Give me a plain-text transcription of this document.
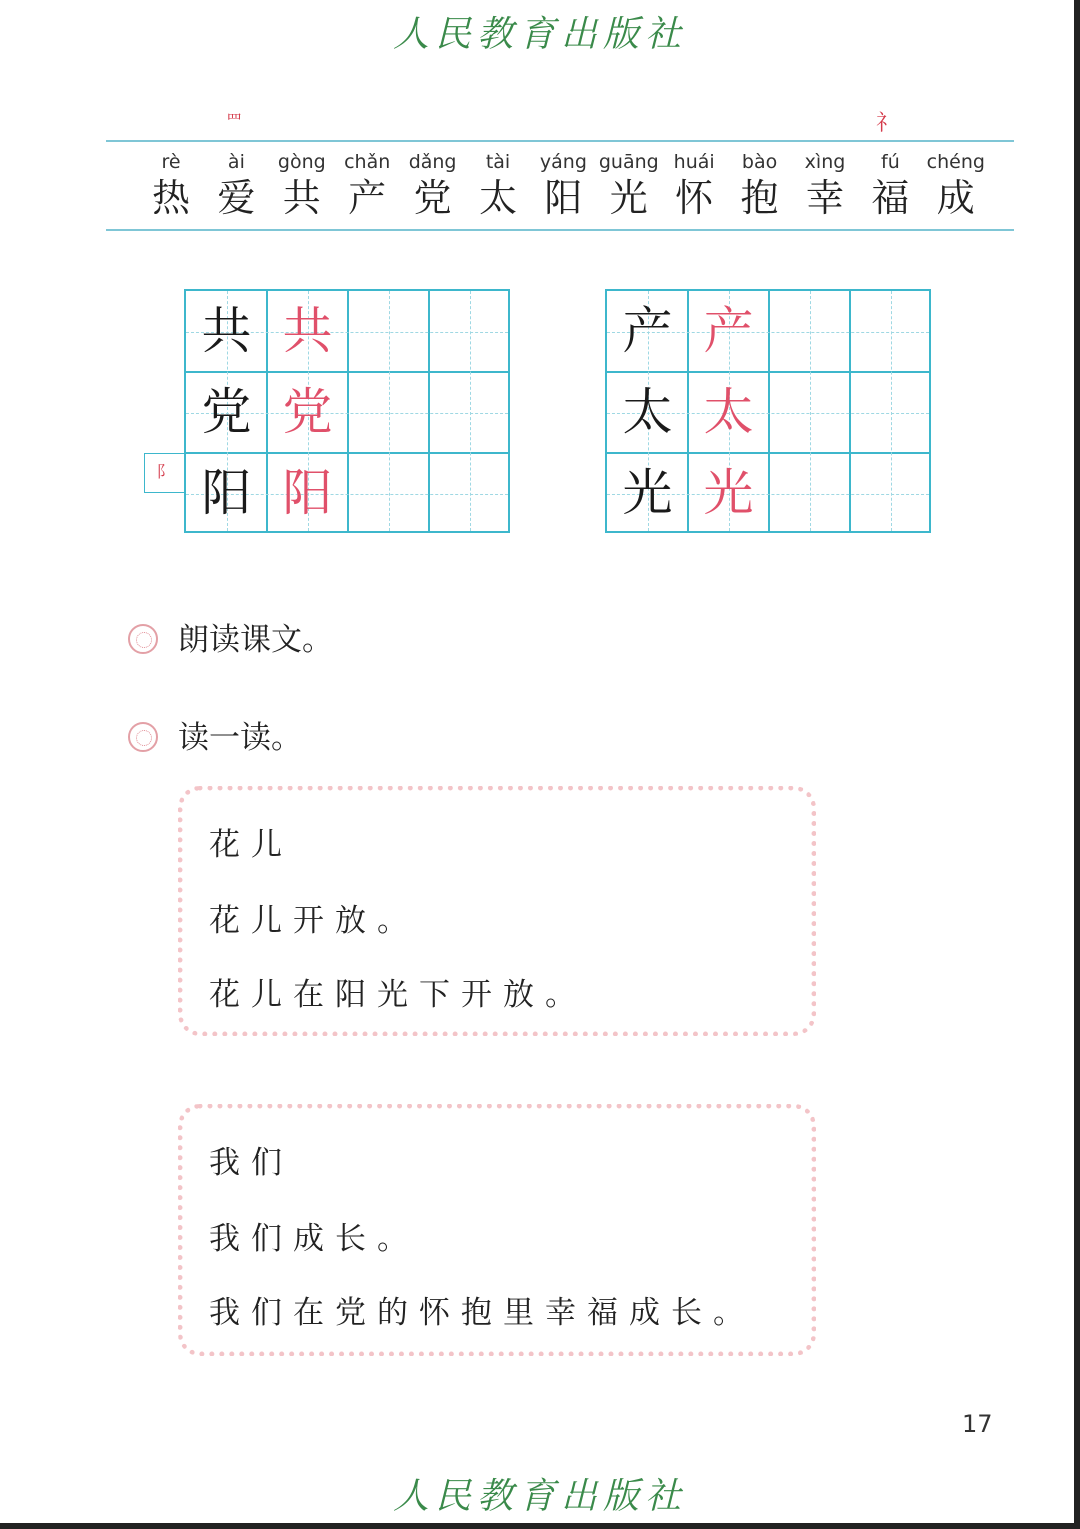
人民教育出版社
罒	礻
rè
热
ài
爱
gòng
共
chǎn
产
dǎng
党
tài
太
yáng
阳
guāng
光
huái
怀
bào
抱
xìng
幸
fú
福
chéng
成
共 共
党 党
阳 阳
产 产
太 太
光 光
阝
朗读课文。
读一读。
花儿
花儿开放。
花儿在阳光下开放。
我们
我们成长。
我们在党的怀抱里幸福成长。
17
人民教育出版社
